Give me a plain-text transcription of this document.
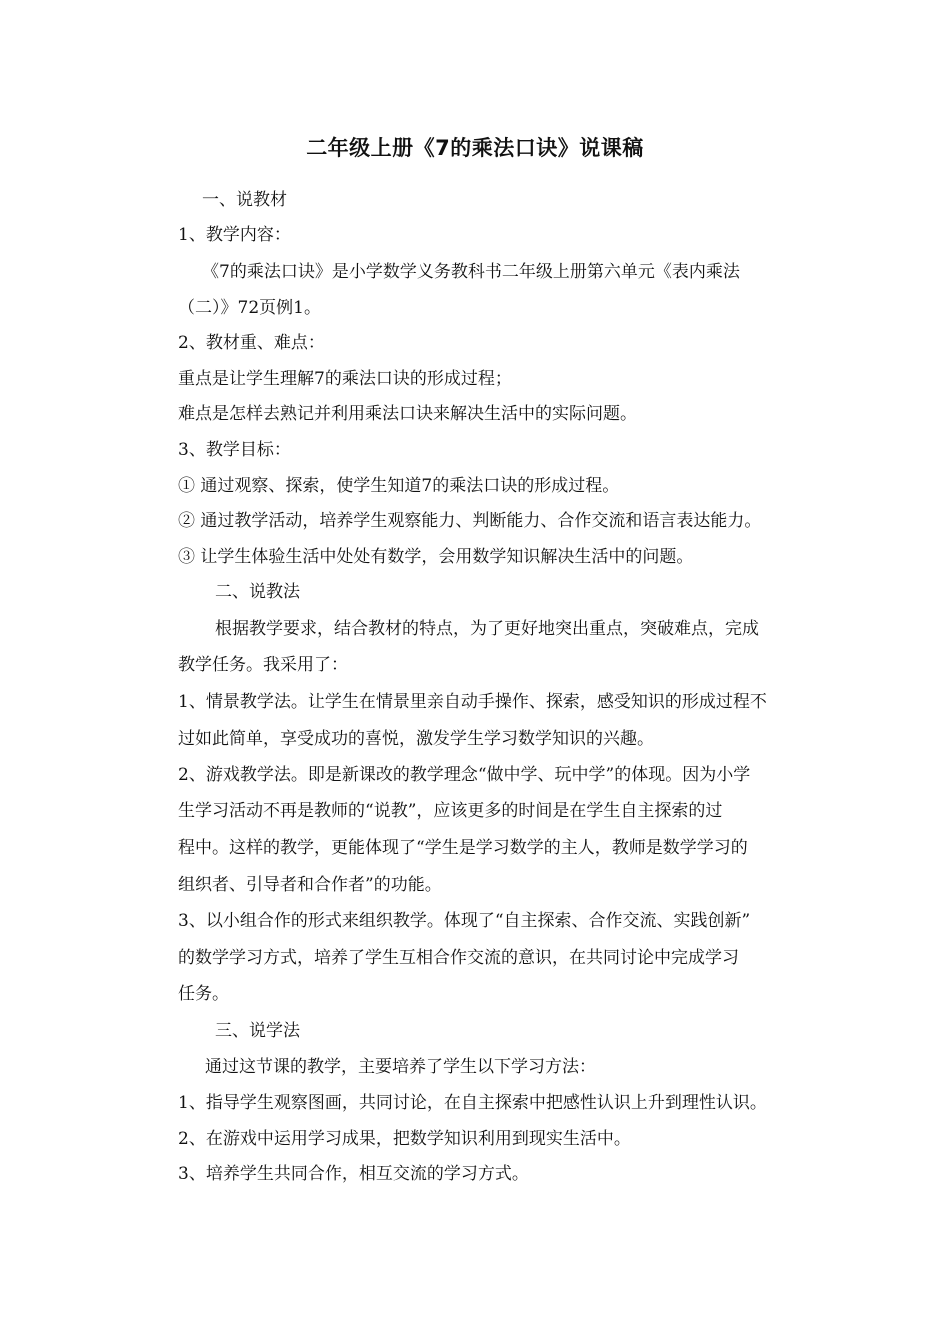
二年级上册《7的乘法口诀》说课稿
一、说教材
1、教学内容：
《7的乘法口诀》是小学数学义务教科书二年级上册第六单元《表内乘法
（二）》72页例1。
2、教材重、难点：
重点是让学生理解7的乘法口诀的形成过程；
难点是怎样去熟记并利用乘法口诀来解决生活中的实际问题。
3、教学目标：
① 通过观察、探索，使学生知道7的乘法口诀的形成过程。
② 通过教学活动，培养学生观察能力、判断能力、合作交流和语言表达能力。
③ 让学生体验生活中处处有数学，会用数学知识解决生活中的问题。
二、说教法
根据教学要求，结合教材的特点，为了更好地突出重点，突破难点，完成
教学任务。我采用了：
1、情景教学法。让学生在情景里亲自动手操作、探索，感受知识的形成过程不
过如此简单，享受成功的喜悦，激发学生学习数学知识的兴趣。
2、游戏教学法。即是新课改的教学理念“做中学、玩中学”的体现。因为小学
生学习活动不再是教师的“说教”，应该更多的时间是在学生自主探索的过
程中。这样的教学，更能体现了“学生是学习数学的主人，教师是数学学习的
组织者、引导者和合作者”的功能。
3、以小组合作的形式来组织教学。体现了“自主探索、合作交流、实践创新”
的数学学习方式，培养了学生互相合作交流的意识，在共同讨论中完成学习
任务。
三、说学法
通过这节课的教学，主要培养了学生以下学习方法：
1、指导学生观察图画，共同讨论，在自主探索中把感性认识上升到理性认识。
2、在游戏中运用学习成果，把数学知识利用到现实生活中。
3、培养学生共同合作，相互交流的学习方式。
